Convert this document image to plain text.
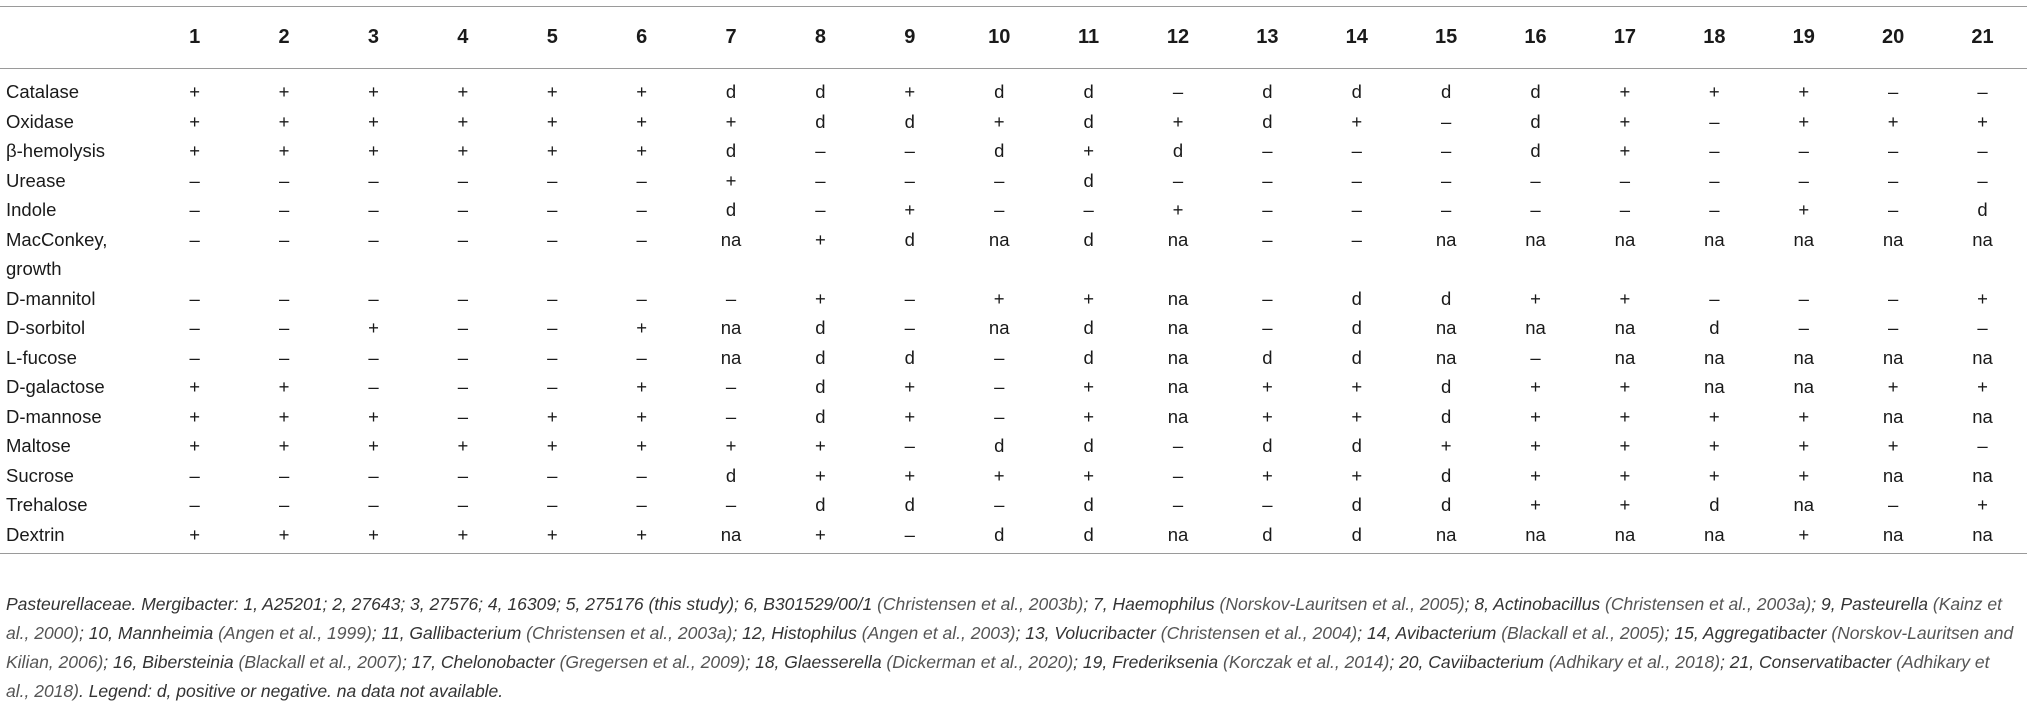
	1	2	3	4	5	6	7	8	9	10	11	12	13	14	15	16	17	18	19	20	21
Catalase	+	+	+	+	+	+	d	d	+	d	d	–	d	d	d	d	+	+	+	–	–
Oxidase	+	+	+	+	+	+	+	d	d	+	d	+	d	+	–	d	+	–	+	+	+
β-hemolysis	+	+	+	+	+	+	d	–	–	d	+	d	–	–	–	d	+	–	–	–	–
Urease	–	–	–	–	–	–	+	–	–	–	d	–	–	–	–	–	–	–	–	–	–
Indole	–	–	–	–	–	–	d	–	+	–	–	+	–	–	–	–	–	–	+	–	d
MacConkey, growth	–	–	–	–	–	–	na	+	d	na	d	na	–	–	na	na	na	na	na	na	na
D-mannitol	–	–	–	–	–	–	–	+	–	+	+	na	–	d	d	+	+	–	–	–	+
D-sorbitol	–	–	+	–	–	+	na	d	–	na	d	na	–	d	na	na	na	d	–	–	–
L-fucose	–	–	–	–	–	–	na	d	d	–	d	na	d	d	na	–	na	na	na	na	na
D-galactose	+	+	–	–	–	+	–	d	+	–	+	na	+	+	d	+	+	na	na	+	+
D-mannose	+	+	+	–	+	+	–	d	+	–	+	na	+	+	d	+	+	+	+	na	na
Maltose	+	+	+	+	+	+	+	+	–	d	d	–	d	d	+	+	+	+	+	+	–
Sucrose	–	–	–	–	–	–	d	+	+	+	+	–	+	+	d	+	+	+	+	na	na
Trehalose	–	–	–	–	–	–	–	d	d	–	d	–	–	d	d	+	+	d	na	–	+
Dextrin	+	+	+	+	+	+	na	+	–	d	d	na	d	d	na	na	na	na	+	na	na
Pasteurellaceae. Mergibacter: 1, A25201; 2, 27643; 3, 27576; 4, 16309; 5, 275176 (this study); 6, B301529/00/1 (Christensen et al., 2003b); 7, Haemophilus (Norskov-Lauritsen et al., 2005); 8, Actinobacillus (Christensen et al., 2003a); 9, Pasteurella (Kainz et al., 2000); 10, Mannheimia (Angen et al., 1999); 11, Gallibacterium (Christensen et al., 2003a); 12, Histophilus (Angen et al., 2003); 13, Volucribacter (Christensen et al., 2004); 14, Avibacterium (Blackall et al., 2005); 15, Aggregatibacter (Norskov-Lauritsen and Kilian, 2006); 16, Bibersteinia (Blackall et al., 2007); 17, Chelonobacter (Gregersen et al., 2009); 18, Glaesserella (Dickerman et al., 2020); 19, Frederiksenia (Korczak et al., 2014); 20, Caviibacterium (Adhikary et al., 2018); 21, Conservatibacter (Adhikary et al., 2018). Legend: d, positive or negative. na data not available.
